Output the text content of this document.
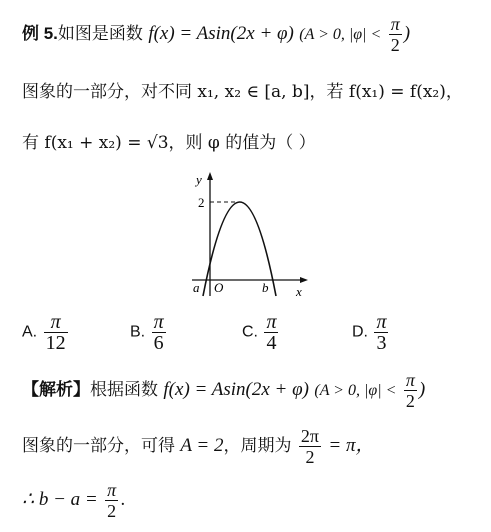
例 5.如图是函数 f(x) = Asin(2x + φ) (A > 0, $|\varphi| < \frac{\pi}{2}$ )
图象的一部分，对不同 x₁, x₂ ∈ [a, b]，若 f(x₁) = f(x₂)，
有 f(x₁ + x₂) = √3，则 φ 的值为（ ）
y
x
2
a O	b
A. $\frac{\pi}{12}$	B. $\frac{\pi}{6}$	C. $\frac{\pi}{4}$	D. $\frac{\pi}{3}$
【解析】根据函数 f(x) = Asin(2x + φ) (A > 0, $|\varphi| < \frac{\pi}{2}$ )
图象的一部分，可得 A = 2，周期为 $\frac{2\pi}{2} = \pi$，
∴ $b - a = \frac{\pi}{2}$ .
